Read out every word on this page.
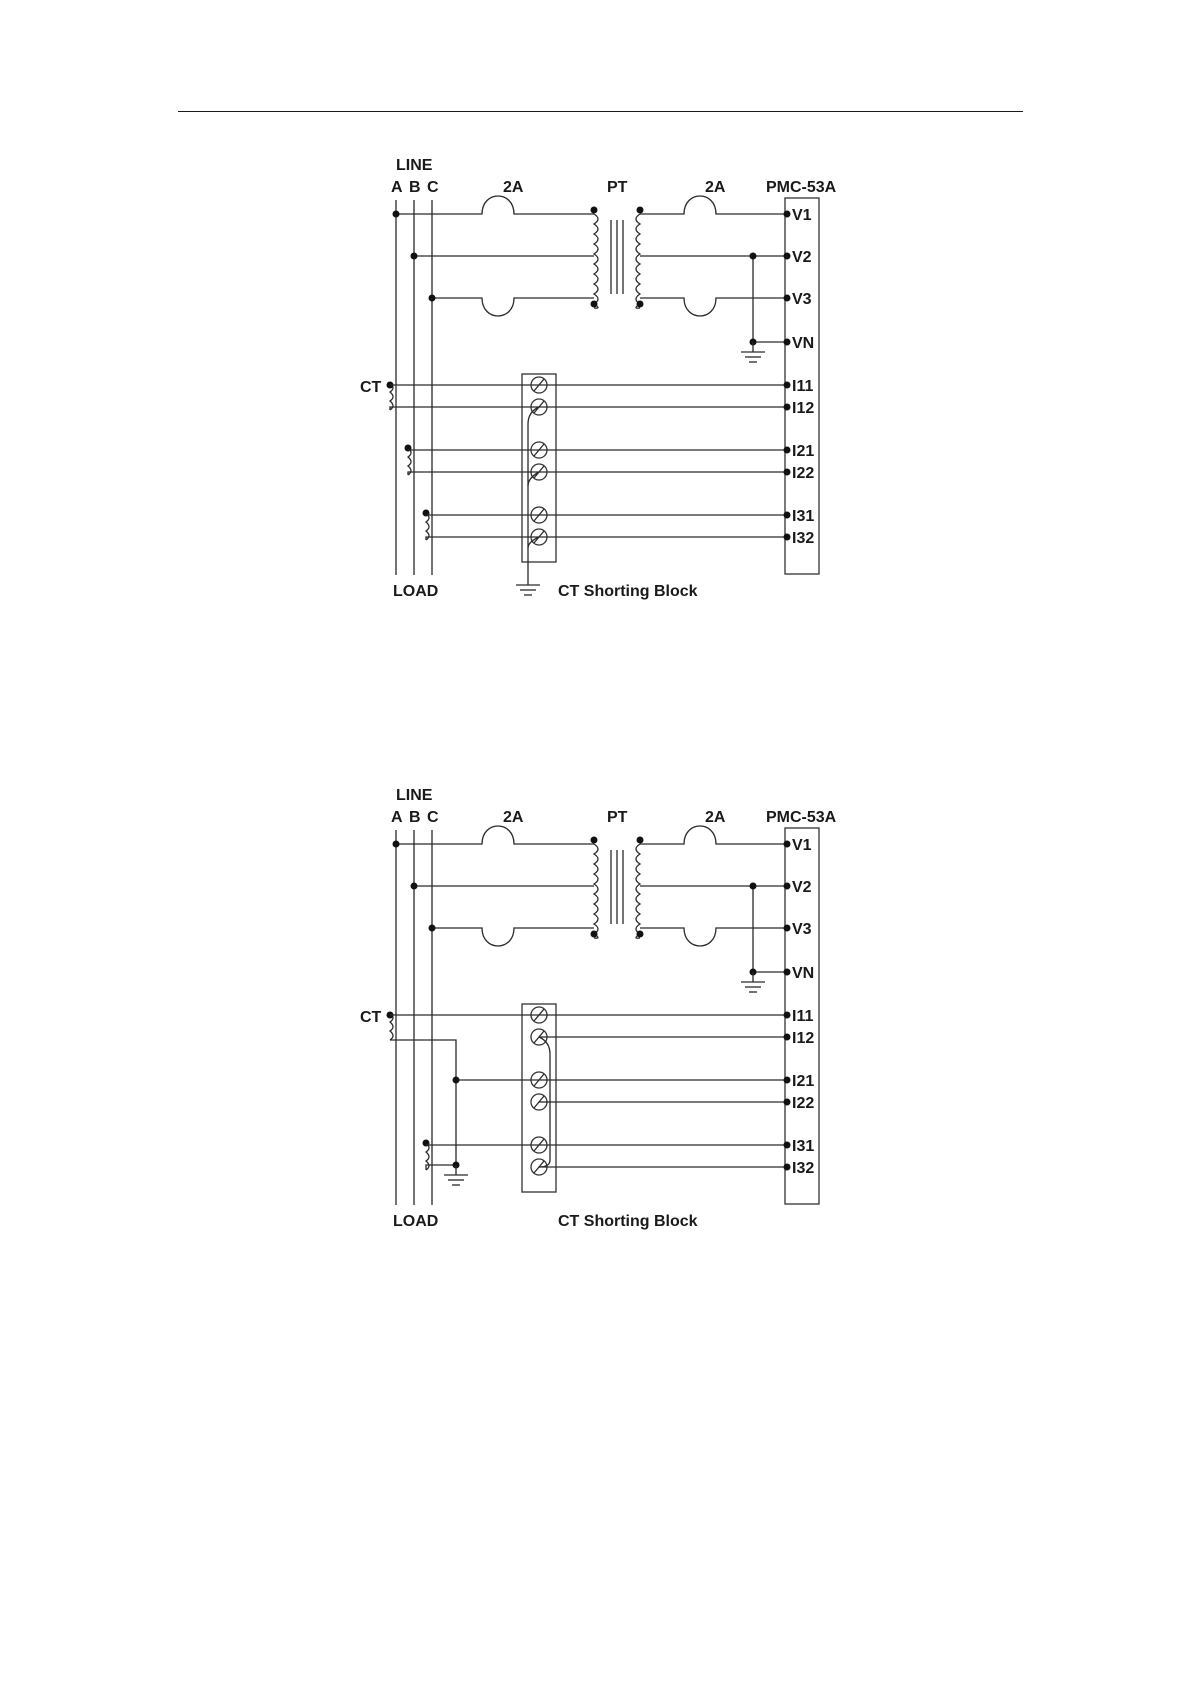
LINE
A B C	2A	PT	2A	PMC-53A
V1
V2
V3
VN
CT	I11
I12
I21
I22
I31
I32
LOAD	CT Shorting Block
LINE
A B C	2A	PT	2A	PMC-53A
V1
V2
V3
VN
CT	I11
I12
I21
I22
I31
I32
LOAD	CT Shorting Block
